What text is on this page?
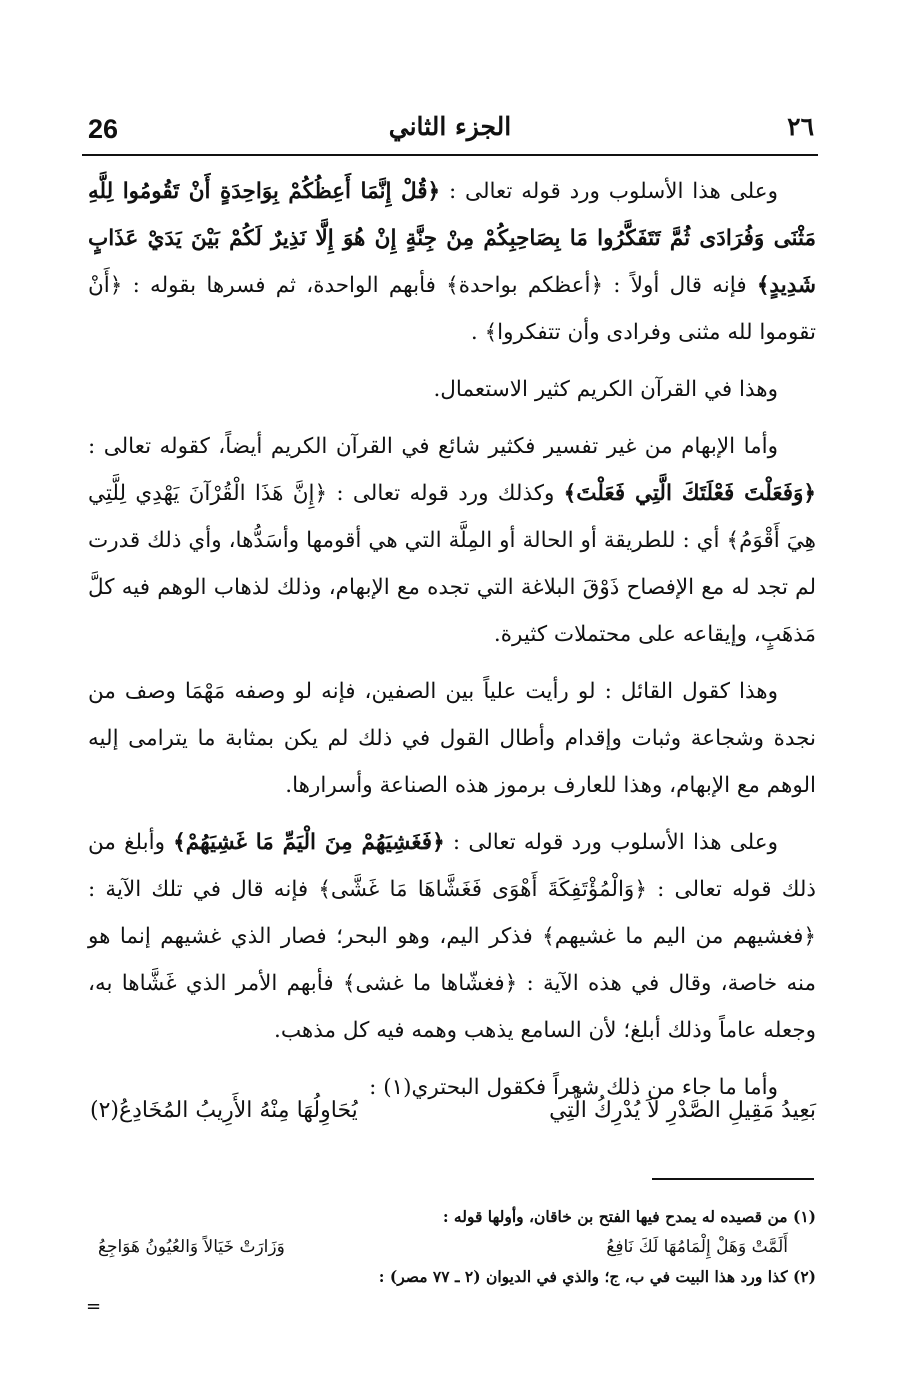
26	الجزء الثاني	٢٦

وعلى هذا الأسلوب ورد قوله تعالى : ﴿قُلْ إِنَّمَا أَعِظُكُمْ بِوَاحِدَةٍ أَنْ تَقُومُوا لِلَّهِ مَثْنَى وَفُرَادَى ثُمَّ تَتَفَكَّرُوا مَا بِصَاحِبِكُمْ مِنْ جِنَّةٍ إِنْ هُوَ إِلَّا نَذِيرٌ لَكُمْ بَيْنَ يَدَيْ عَذَابٍ شَدِيدٍ﴾ فإنه قال أولاً : ﴿أعظكم بواحدة﴾ فأبهم الواحدة، ثم فسرها بقوله : ﴿أَنْ تقوموا لله مثنى وفرادى وأن تتفكروا﴾ .

وهذا في القرآن الكريم كثير الاستعمال.

وأما الإبهام من غير تفسير فكثير شائع في القرآن الكريم أيضاً، كقوله تعالى : ﴿وَفَعَلْتَ فَعْلَتَكَ الَّتِي فَعَلْتَ﴾ وكذلك ورد قوله تعالى : ﴿إِنَّ هَذَا الْقُرْآنَ يَهْدِي لِلَّتِي هِيَ أَقْوَمُ﴾ أي : للطريقة أو الحالة أو المِلَّة التي هي أقومها وأسَدُّها، وأي ذلك قدرت لم تجد له مع الإفصاح ذَوْقَ البلاغة التي تجده مع الإبهام، وذلك لذهاب الوهم فيه كلَّ مَذهَبٍ، وإيقاعه على محتملات كثيرة.

وهذا كقول القائل : لو رأيت علياً بين الصفين، فإنه لو وصفه مَهْمَا وصف من نجدة وشجاعة وثبات وإقدام وأطال القول في ذلك لم يكن بمثابة ما يترامى إليه الوهم مع الإبهام، وهذا للعارف برموز هذه الصناعة وأسرارها.

وعلى هذا الأسلوب ورد قوله تعالى : ﴿فَغَشِيَهُمْ مِنَ الْيَمِّ مَا غَشِيَهُمْ﴾ وأبلغ من ذلك قوله تعالى : ﴿وَالْمُؤْتَفِكَةَ أَهْوَى فَغَشَّاهَا مَا غَشَّى﴾ فإنه قال في تلك الآية : ﴿فغشيهم من اليم ما غشيهم﴾ فذكر اليم، وهو البحر؛ فصار الذي غشيهم إنما هو منه خاصة، وقال في هذه الآية : ﴿فغشّاها ما غشى﴾ فأبهم الأمر الذي غَشَّاها به، وجعله عاماً وذلك أبلغ؛ لأن السامع يذهب وهمه فيه كل مذهب.

وأما ما جاء من ذلك شعراً فكقول البحتري(١) :

بَعِيدُ مَقِيلِ الصَّدْرِ لاَ يُدْرِكُ الَّتِي
يُحَاوِلُهَا مِنْهُ الأَرِيبُ المُخَادِعُ(٢)
(١) من قصيده له يمدح فيها الفتح بن خاقان، وأولها قوله :
أَلَمَّتْ وَهَلْ إِلْمَامُهَا لَكَ نَافِعُ
وَزَارَتْ خَيَالاً وَالعُيُونُ هَوَاجِعُ
(٢) كذا ورد هذا البيت في ب، ج؛ والذي في الديوان (٢ ـ ٧٧ مصر) :
=
